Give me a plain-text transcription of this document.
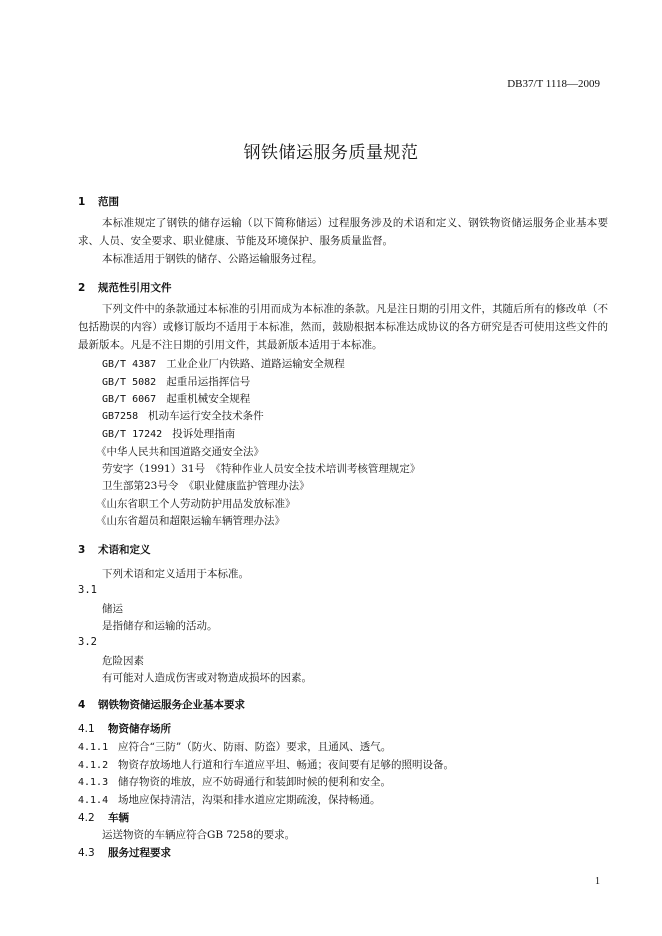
DB37/T 1118—2009
钢铁储运服务质量规范
1 范围
本标准规定了钢铁的储存运输（以下简称储运）过程服务涉及的术语和定义、钢铁物资储运服务企业基本要求、人员、安全要求、职业健康、节能及环境保护、服务质量监督。
本标准适用于钢铁的储存、公路运输服务过程。
2 规范性引用文件
下列文件中的条款通过本标准的引用而成为本标准的条款。凡是注日期的引用文件，其随后所有的修改单（不包括勘误的内容）或修订版均不适用于本标准，然而，鼓励根据本标准达成协议的各方研究是否可使用这些文件的最新版本。凡是不注日期的引用文件，其最新版本适用于本标准。
GB/T 4387 工业企业厂内铁路、道路运输安全规程
GB/T 5082 起重吊运指挥信号
GB/T 6067 起重机械安全规程
GB7258 机动车运行安全技术条件
GB/T 17242 投诉处理指南
《中华人民共和国道路交通安全法》
劳安字（1991）31号　《特种作业人员安全技术培训考核管理规定》
卫生部第23号令　《职业健康监护管理办法》
《山东省职工个人劳动防护用品发放标准》
《山东省超员和超限运输车辆管理办法》
3 术语和定义
下列术语和定义适用于本标准。
3.1
储运
是指储存和运输的活动。
3.2
危险因素
有可能对人造成伤害或对物造成损坏的因素。
4 钢铁物资储运服务企业基本要求
4.1 物资储存场所
4.1.1 应符合“三防”（防火、防雨、防盗）要求，且通风、透气。
4.1.2 物资存放场地人行道和行车道应平坦、畅通；夜间要有足够的照明设备。
4.1.3 储存物资的堆放，应不妨碍通行和装卸时候的便利和安全。
4.1.4 场地应保持清洁，沟渠和排水道应定期疏浚，保持畅通。
4.2 车辆
运送物资的车辆应符合GB 7258的要求。
4.3 服务过程要求
1
